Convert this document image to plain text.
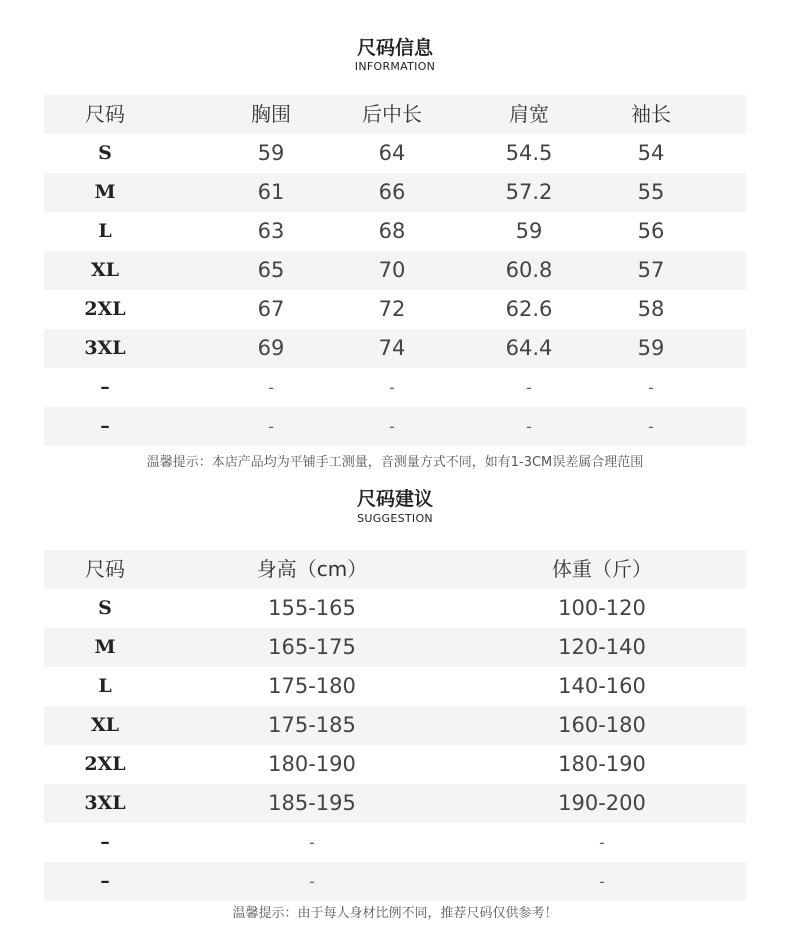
尺码信息
INFORMATION
尺码	胸围	后中长	肩宽	袖长
S	59	64	54.5	54
M	61	66	57.2	55
L	63	68	59	56
XL	65	70	60.8	57
2XL	67	72	62.6	58
3XL	69	74	64.4	59
–	-	-	-	-
–	-	-	-	-
温馨提示：本店产品均为平铺手工测量，音测量方式不同，如有1-3CM误差属合理范围
尺码建议
SUGGESTION
尺码	身高（cm）	体重（斤）
S	155-165	100-120
M	165-175	120-140
L	175-180	140-160
XL	175-185	160-180
2XL	180-190	180-190
3XL	185-195	190-200
–	-	-
–	-	-
温馨提示：由于每人身材比例不同，推荐尺码仅供参考！
